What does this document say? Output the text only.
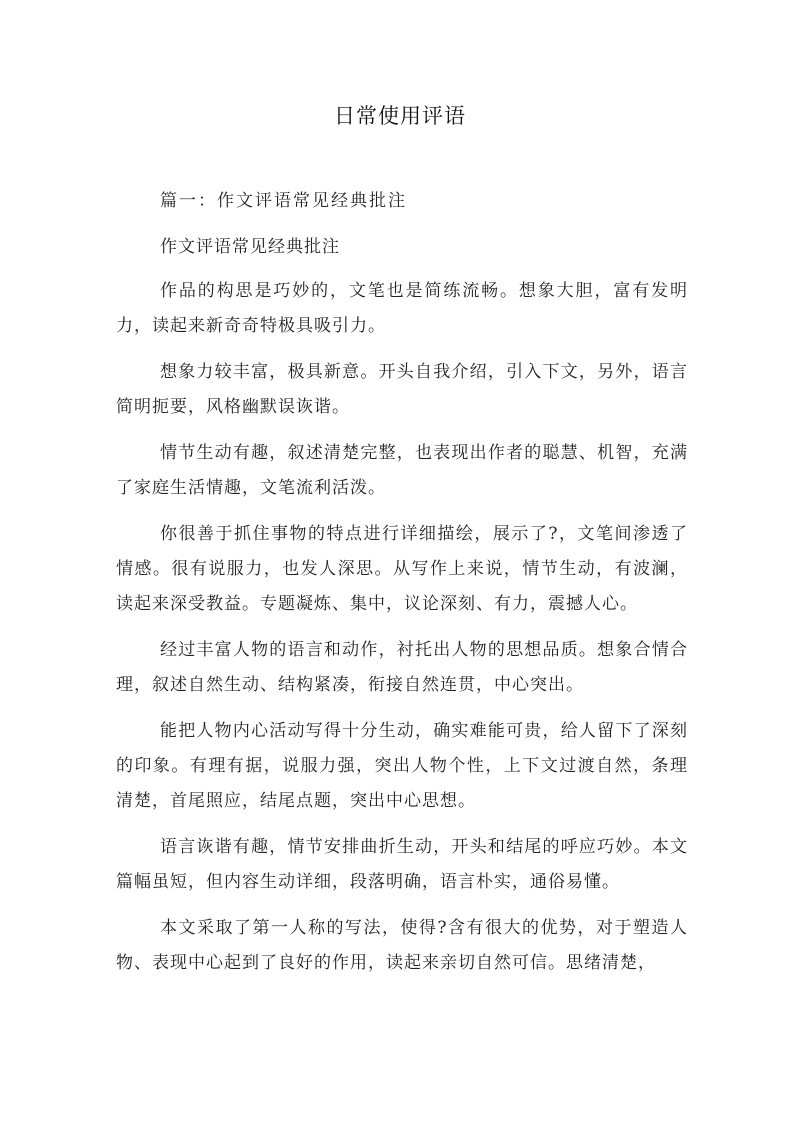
日常使用评语
篇一：作文评语常见经典批注

作文评语常见经典批注

作品的构思是巧妙的，文笔也是简练流畅。想象大胆，富有发明力，读起来新奇奇特极具吸引力。

想象力较丰富，极具新意。开头自我介绍，引入下文，另外，语言简明扼要，风格幽默误诙谐。

情节生动有趣，叙述清楚完整，也表现出作者的聪慧、机智，充满了家庭生活情趣，文笔流利活泼。

你很善于抓住事物的特点进行详细描绘，展示了?，文笔间渗透了情感。很有说服力，也发人深思。从写作上来说，情节生动，有波澜，读起来深受教益。专题凝炼、集中，议论深刻、有力，震撼人心。

经过丰富人物的语言和动作，衬托出人物的思想品质。想象合情合理，叙述自然生动、结构紧凑，衔接自然连贯，中心突出。

能把人物内心活动写得十分生动，确实难能可贵，给人留下了深刻的印象。有理有据，说服力强，突出人物个性，上下文过渡自然，条理清楚，首尾照应，结尾点题，突出中心思想。

语言诙谐有趣，情节安排曲折生动，开头和结尾的呼应巧妙。本文篇幅虽短，但内容生动详细，段落明确，语言朴实，通俗易懂。

本文采取了第一人称的写法，使得?含有很大的优势，对于塑造人物、表现中心起到了良好的作用，读起来亲切自然可信。思绪清楚，
